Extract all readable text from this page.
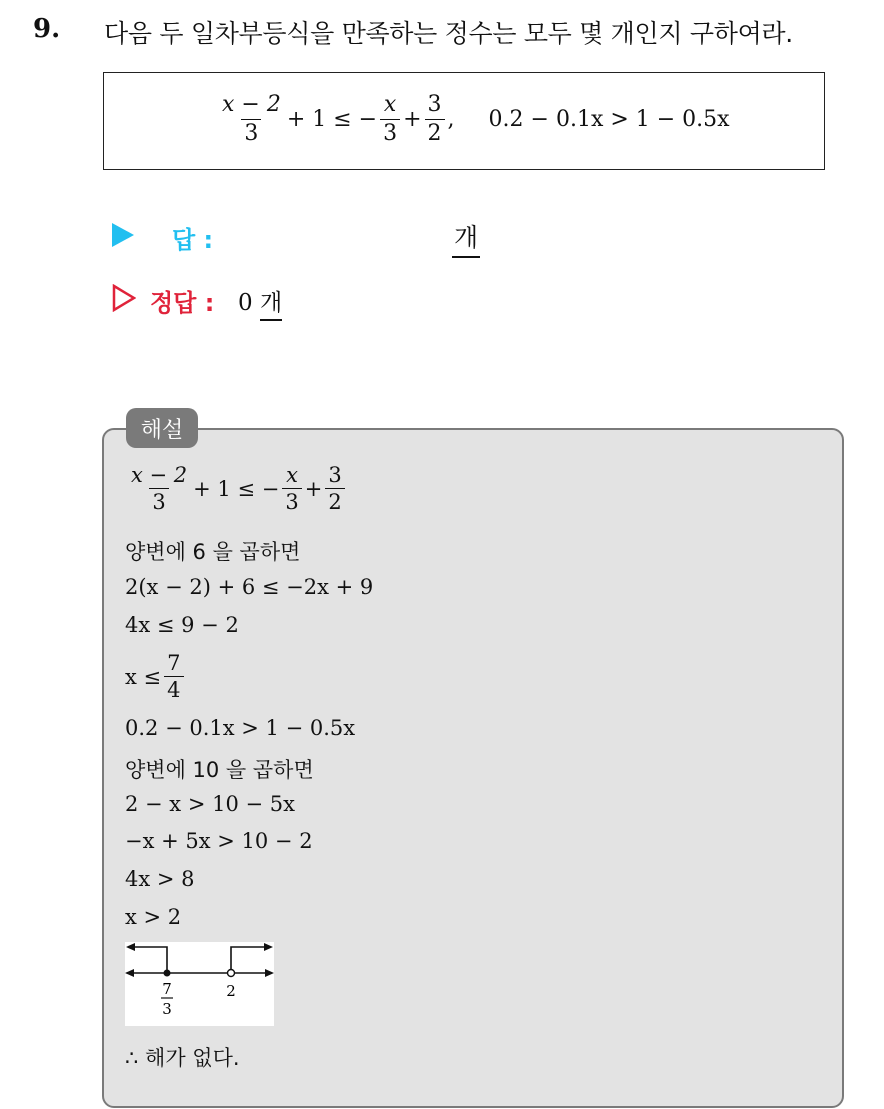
9. 다음 두 일차부등식을 만족하는 정수는 모두 몇 개인지 구하여라.
$\frac{x - 2}{3} + 1$ ≤ − $\frac{x}{3} + \frac{3}{2}$ , 0.2 − 0.1x > 1 − 0.5x
답 :	개
정답 : 0 개
해설
$\frac{x - 2}{3} + 1$ ≤ − $\frac{x}{3} + \frac{3}{2}$
양변에 6 을 곱하면
2(x − 2) + 6 ≤ −2x + 9
4x ≤ 9 − 2
$x \le \frac{7}{4}$
0.2 − 0.1x > 1 − 0.5x
양변에 10 을 곱하면
2 − x > 10 − 5x
−x + 5x > 10 − 2
4x > 8
x > 2
7
3
2
∴ 해가 없다.
